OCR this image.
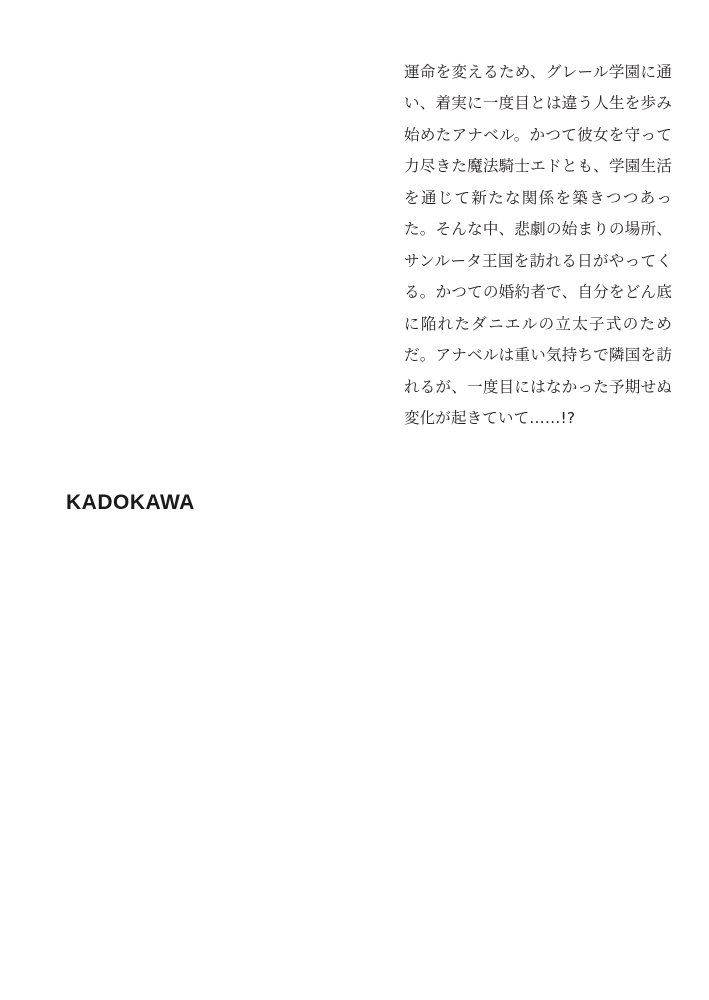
運命を変えるため、グレール学園に通い、着実に一度目とは違う人生を歩み始めたアナベル。かつて彼女を守って力尽きた魔法騎士エドとも、学園生活を通じて新たな関係を築きつつあった。そんな中、悲劇の始まりの場所、サンルータ王国を訪れる日がやってくる。かつての婚約者で、自分をどん底に陥れたダニエルの立太子式のためだ。アナベルは重い気持ちで隣国を訪れるが、一度目にはなかった予期せぬ変化が起きていて……!?

KADOKAWA
